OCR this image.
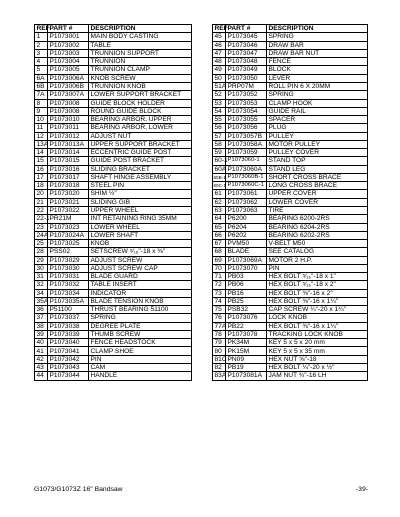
REF	PART #	DESCRIPTION
1	P1073001	MAIN BODY CASTING
2	P1073002	TABLE
3	P1073003	TRUNNION SUPPORT
4	P1073004	TRUNNION
5	P1073005	TRUNNION CLAMP
6A	P1073006A	KNOB SCREW
6B	P1073006B	TRUNNION KNOB
7A	P1073007A	LOWER SUPPORT BRACKET
8	P1073008	GUIDE BLOCK HOLDER
9	P1073008	ROUND GUIDE BLOCK
10	P1073010	BEARING ARBOR, UPPER
11	P1073011	BEARING ARBOR, LOWER
12	P1073012	ADJUST NUT
13A	P1073013A	UPPER SUPPORT BRACKET
14	P1073014	ECCENTRIC GUIDE POST
15	P1073015	GUIDE POST BRACKET
16	P1073016	SLIDING BRACKET
17	P1073017	SHAFT HINGE ASSEMBLY
18	P1073018	STEEL PIN
20	P1073020	SHIM ½"
21	P1073021	SLIDING GIB
22	P1073022	UPPER WHEEL
22-1	PR21M	INT RETAINING RING 35MM
23	P1073023	LOWER WHEEL
24A	P1073024A	LOWER SHAFT
25	P1073025	KNOB
28	PSS02	SETSCREW ⁵⁄₁₆"-18 x ⅜"
29	P1073029	ADJUST SCREW
30	P1073030	ADJUST SCREW CAP
31	P1073031	BLADE GUARD
32	P1073032	TABLE INSERT
34	P1073034	INDICATOR
35A	P1073035A	BLADE TENSION KNOB
36	P51100	THRUST BEARING 51100
37	P1073037	SPRING
38	P1073038	DEGREE PLATE
39	P1073039	THUMB SCREW
40	P1073040	FENCE HEADSTOCK
41	P1073041	CLAMP SHOE
42	P1073042	PIN
43	P1073043	CAM
44	P1073044	HANDLE
REF	PART #	DESCRIPTION
45	P1073045	SPRING
46	P1073046	DRAW BAR
47	P1073047	DRAW BAR NUT
48	P1073048	FENCE
49	P1073049	BLOCK
50	P1073050	LEVER
51A	PRP07M	ROLL PIN 6 X 20MM
52	P1073052	SPRING
53	P1073053	CLAMP HOOK
54	P1073054	GUIDE RAIL
55	P1073055	SPACER
56	P1073056	PLUG
57	P1073057B	PULLEY
58	P1073058A	MOTOR PULLEY
59	P1073059	PULLEY COVER
60-1	P1073060-1	STAND TOP
60A	P1073060A	STAND LEG
60B-1	P1073060B-1	SHORT CROSS BRACE
60C-1	P1073060C-1	LONG CROSS BRACE
61	P1073061	UPPER COVER
62	P1073062	LOWER COVER
63	P1073063	TIRE
64	P6200	BEARING 6200-2RS
65	P6204	BEARING 6204-2RS
66	P6202	BEARING 6202-2RS
67	PVM50	V-BELT M50
68	BLADE	SEE CATALOG
69	P1073069A	MOTOR 2 H.P.
70	P1073070	PIN
71	PB03	HEX BOLT ⁵⁄₁₆"-18 x 1"
72	PB06	HEX BOLT ⁵⁄₁₆"-18 x 2"
73	PB16	HEX BOLT ⅜"-16 x 2"
74	PB25	HEX BOLT ⅜"-16 x 1¼"
75	PSB32	CAP SCREW ¼"-20 x 1¼"
76	P1073076	LOCK KNOB
77A	PB22	HEX BOLT ⅜"-16 x 1¼"
78	P1073078	TRACKING LOCK KNOB
79	PK34M	KEY 5 x 5 x 20 mm
80	PK15M	KEY 5 x 5 x 35 mm
81C	PN09	HEX NUT ⅝"-18
82	PB19	HEX BOLT ¼"-20 x ½"
83A	P1073081A	JAM NUT ¾"-16 LH
G1073/G1073Z 16" Bandsaw	-39-
